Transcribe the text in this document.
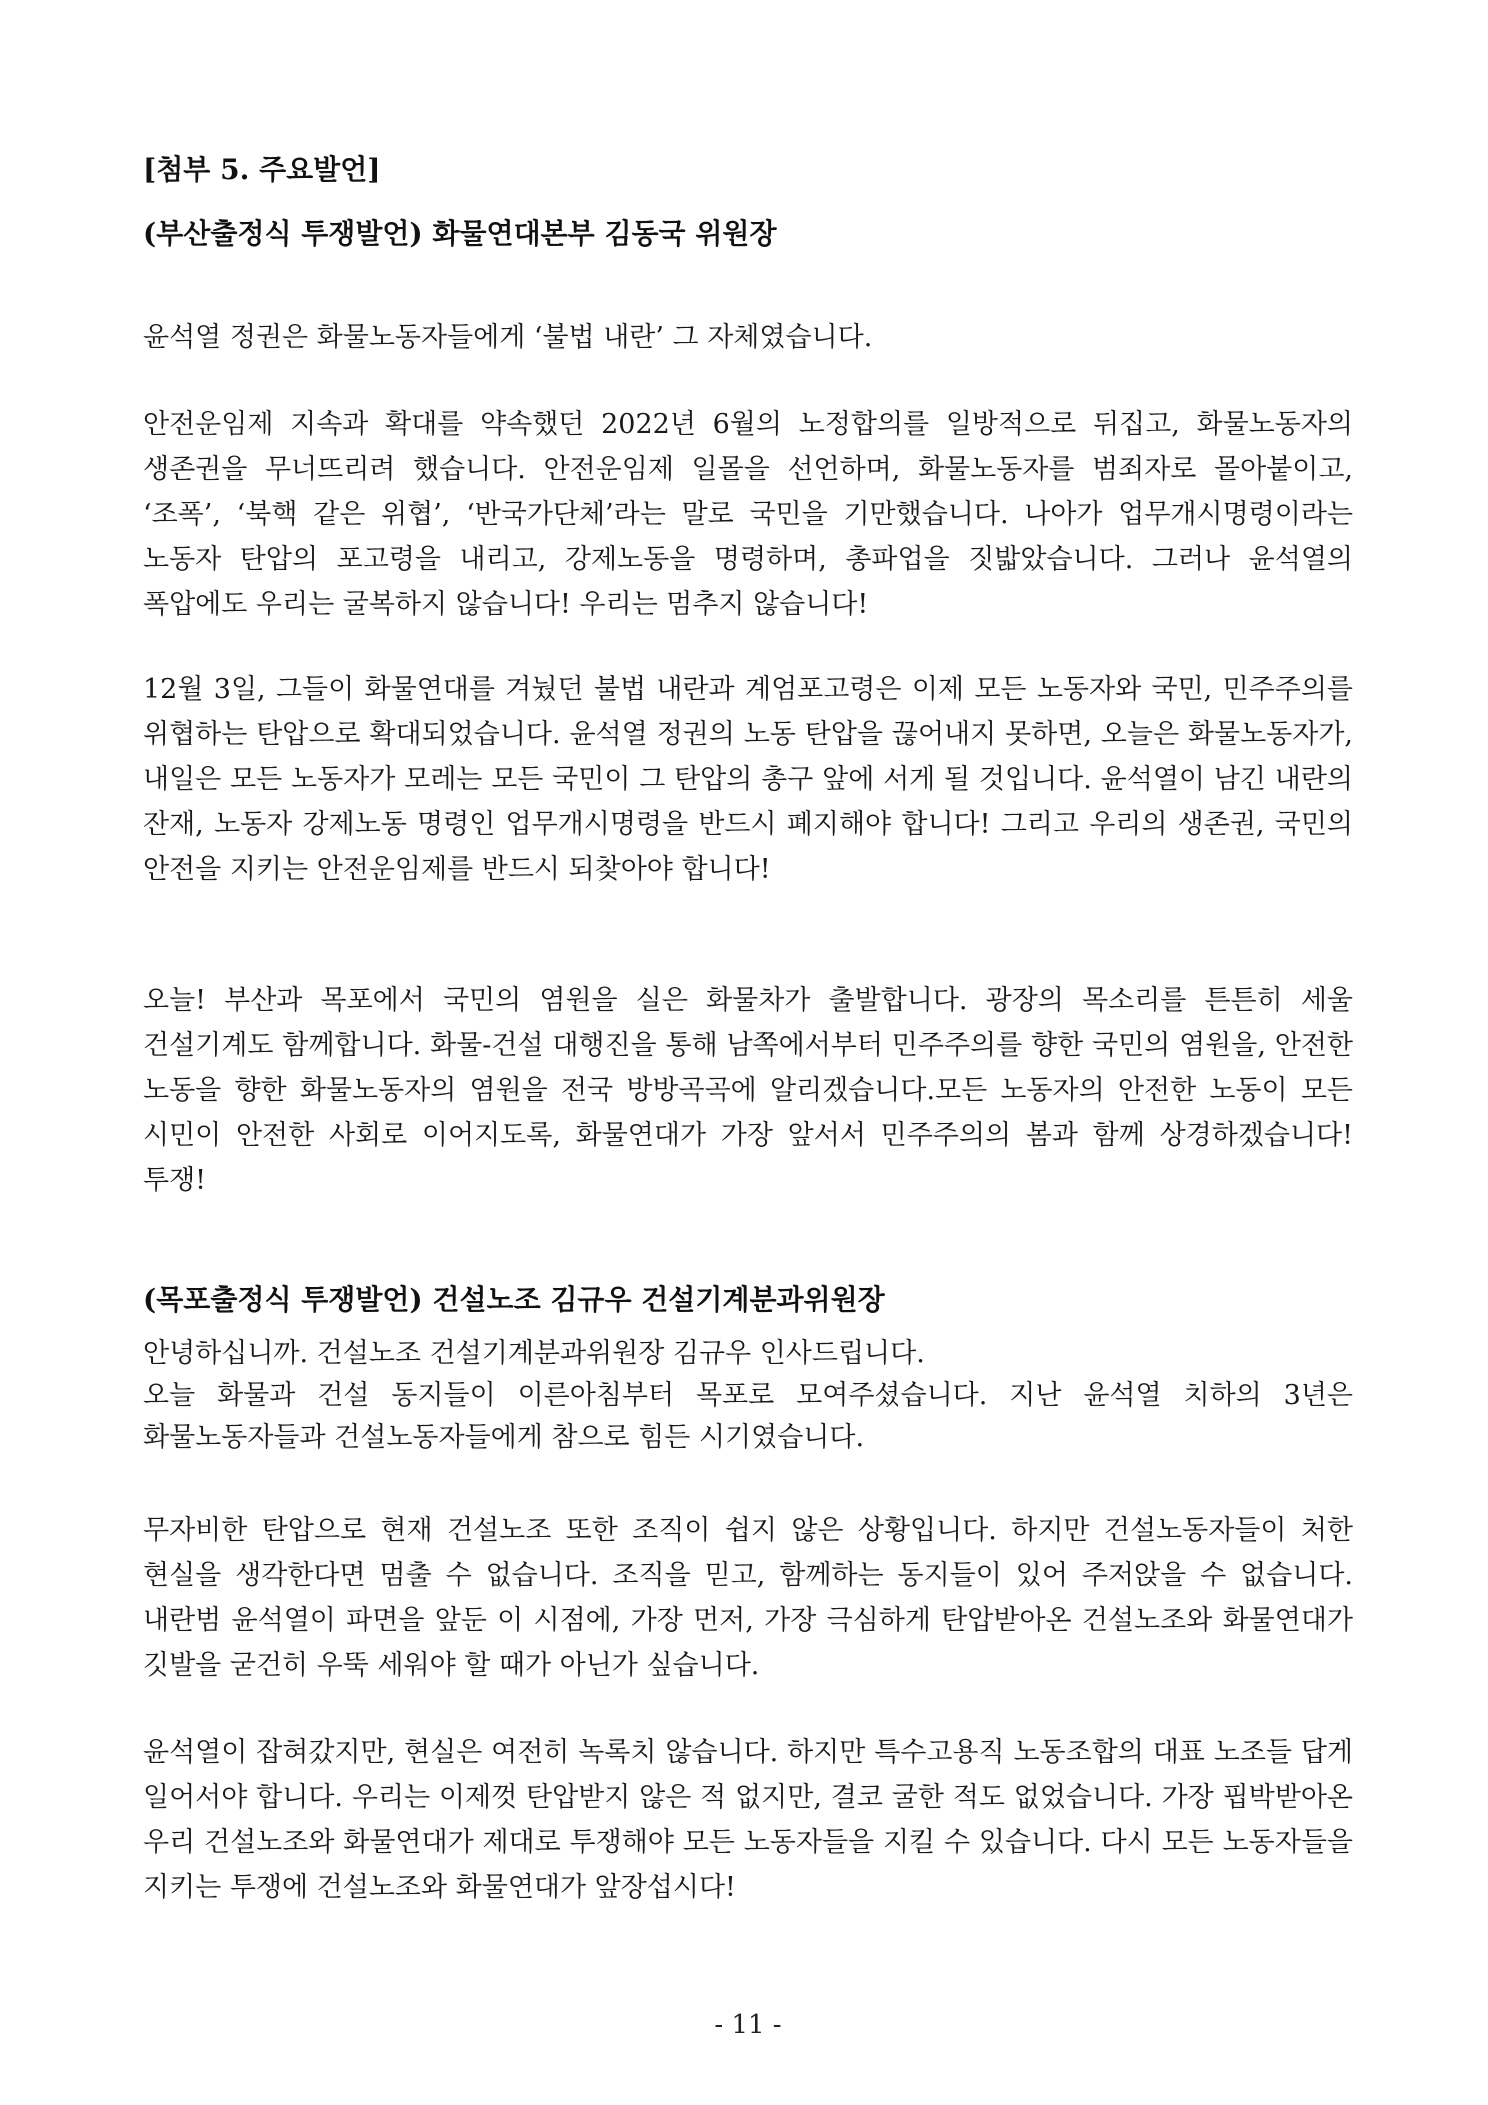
[첨부 5. 주요발언]
(부산출정식 투쟁발언) 화물연대본부 김동국 위원장
윤석열 정권은 화물노동자들에게 ‘불법 내란’ 그 자체였습니다.
안전운임제 지속과 확대를 약속했던 2022년 6월의 노정합의를 일방적으로 뒤집고, 화물노동자의 생존권을 무너뜨리려 했습니다. 안전운임제 일몰을 선언하며, 화물노동자를 범죄자로 몰아붙이고, ‘조폭’, ‘북핵 같은 위협’, ‘반국가단체’라는 말로 국민을 기만했습니다. 나아가 업무개시명령이라는 노동자 탄압의 포고령을 내리고, 강제노동을 명령하며, 총파업을 짓밟았습니다. 그러나 윤석열의 폭압에도 우리는 굴복하지 않습니다! 우리는 멈추지 않습니다!
12월 3일, 그들이 화물연대를 겨눴던 불법 내란과 계엄포고령은 이제 모든 노동자와 국민, 민주주의를 위협하는 탄압으로 확대되었습니다. 윤석열 정권의 노동 탄압을 끊어내지 못하면, 오늘은 화물노동자가, 내일은 모든 노동자가 모레는 모든 국민이 그 탄압의 총구 앞에 서게 될 것입니다. 윤석열이 남긴 내란의 잔재, 노동자 강제노동 명령인 업무개시명령을 반드시 폐지해야 합니다! 그리고 우리의 생존권, 국민의 안전을 지키는 안전운임제를 반드시 되찾아야 합니다!
오늘! 부산과 목포에서 국민의 염원을 실은 화물차가 출발합니다. 광장의 목소리를 튼튼히 세울 건설기계도 함께합니다. 화물-건설 대행진을 통해 남쪽에서부터 민주주의를 향한 국민의 염원을, 안전한 노동을 향한 화물노동자의 염원을 전국 방방곡곡에 알리겠습니다.모든 노동자의 안전한 노동이 모든 시민이 안전한 사회로 이어지도록, 화물연대가 가장 앞서서 민주주의의 봄과 함께 상경하겠습니다! 투쟁!
(목포출정식 투쟁발언) 건설노조 김규우 건설기계분과위원장
안녕하십니까. 건설노조 건설기계분과위원장 김규우 인사드립니다.
오늘 화물과 건설 동지들이 이른아침부터 목포로 모여주셨습니다. 지난 윤석열 치하의 3년은 화물노동자들과 건설노동자들에게 참으로 힘든 시기였습니다.
무자비한 탄압으로 현재 건설노조 또한 조직이 쉽지 않은 상황입니다. 하지만 건설노동자들이 처한 현실을 생각한다면 멈출 수 없습니다. 조직을 믿고, 함께하는 동지들이 있어 주저앉을 수 없습니다. 내란범 윤석열이 파면을 앞둔 이 시점에, 가장 먼저, 가장 극심하게 탄압받아온 건설노조와 화물연대가 깃발을 굳건히 우뚝 세워야 할 때가 아닌가 싶습니다.
윤석열이 잡혀갔지만, 현실은 여전히 녹록치 않습니다. 하지만 특수고용직 노동조합의 대표 노조들 답게 일어서야 합니다. 우리는 이제껏 탄압받지 않은 적 없지만, 결코 굴한 적도 없었습니다. 가장 핍박받아온 우리 건설노조와 화물연대가 제대로 투쟁해야 모든 노동자들을 지킬 수 있습니다. 다시 모든 노동자들을 지키는 투쟁에 건설노조와 화물연대가 앞장섭시다!
- 11 -
